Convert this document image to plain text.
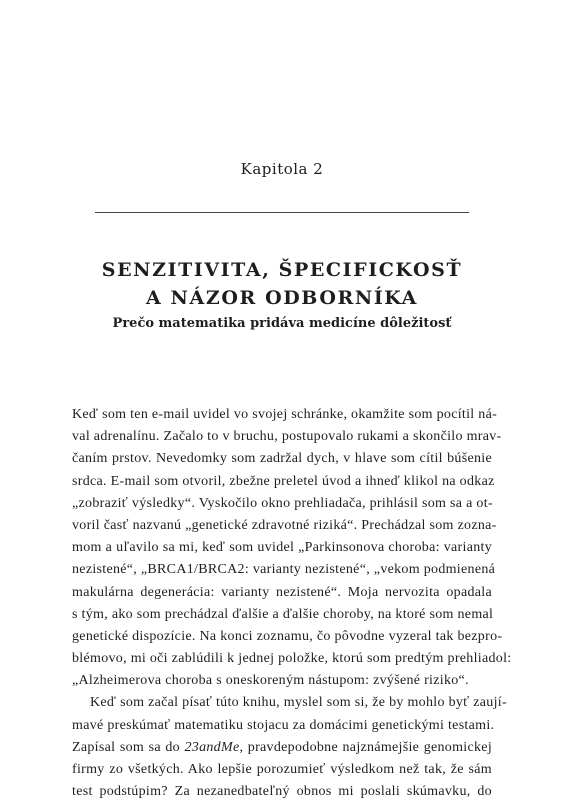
Kapitola 2
SENZITIVITA, ŠPECIFICKOSŤ
A NÁZOR ODBORNÍKA
Prečo matematika pridáva medicíne dôležitosť
Keď som ten e-mail uvidel vo svojej schránke, okamžite som pocítil ná-
val adrenalínu. Začalo to v bruchu, postupovalo rukami a skončilo mrav-
čaním prstov. Nevedomky som zadržal dych, v hlave som cítil búšenie
srdca. E-mail som otvoril, zbežne preletel úvod a ihneď klikol na odkaz
„zobraziť výsledky“. Vyskočilo okno prehliadača, prihlásil som sa a ot-
voril časť nazvanú „genetické zdravotné riziká“. Prechádzal som zozna-
mom a uľavilo sa mi, keď som uvidel „Parkinsonova choroba: varianty
nezistené“, „BRCA1/BRCA2: varianty nezistené“, „vekom podmienená
makulárna degenerácia: varianty nezistené“. Moja nervozita opadala
s tým, ako som prechádzal ďalšie a ďalšie choroby, na ktoré som nemal
genetické dispozície. Na konci zoznamu, čo pôvodne vyzeral tak bezpro-
blémovo, mi oči zablúdili k jednej položke, ktorú som predtým prehliadol:
„Alzheimerova choroba s oneskoreným nástupom: zvýšené riziko“.
Keď som začal písať túto knihu, myslel som si, že by mohlo byť zaují-
mavé preskúmať matematiku stojacu za domácimi genetickými testami.
Zapísal som sa do 23andMe, pravdepodobne najznámejšie genomickej
firmy zo všetkých. Ako lepšie porozumieť výsledkom než tak, že sám
test podstúpim? Za nezanedbateľný obnos mi poslali skúmavku, do
